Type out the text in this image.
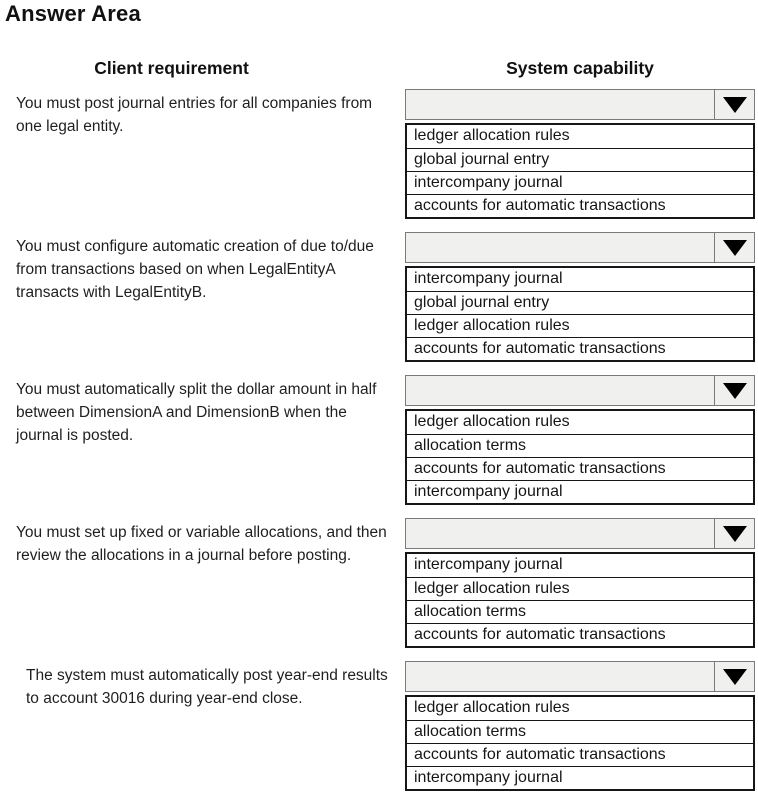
Answer Area
Client requirement	System capability
You must post journal entries for all companies from one legal entity.
ledger allocation rules
global journal entry
intercompany journal
accounts for automatic transactions
You must configure automatic creation of due to/due from transactions based on when LegalEntityA transacts with LegalEntityB.
intercompany journal
global journal entry
ledger allocation rules
accounts for automatic transactions
You must automatically split the dollar amount in half between DimensionA and DimensionB when the journal is posted.
ledger allocation rules
allocation terms
accounts for automatic transactions
intercompany journal
You must set up fixed or variable allocations, and then review the allocations in a journal before posting.
intercompany journal
ledger allocation rules
allocation terms
accounts for automatic transactions
The system must automatically post year-end results to account 30016 during year-end close.
ledger allocation rules
allocation terms
accounts for automatic transactions
intercompany journal
